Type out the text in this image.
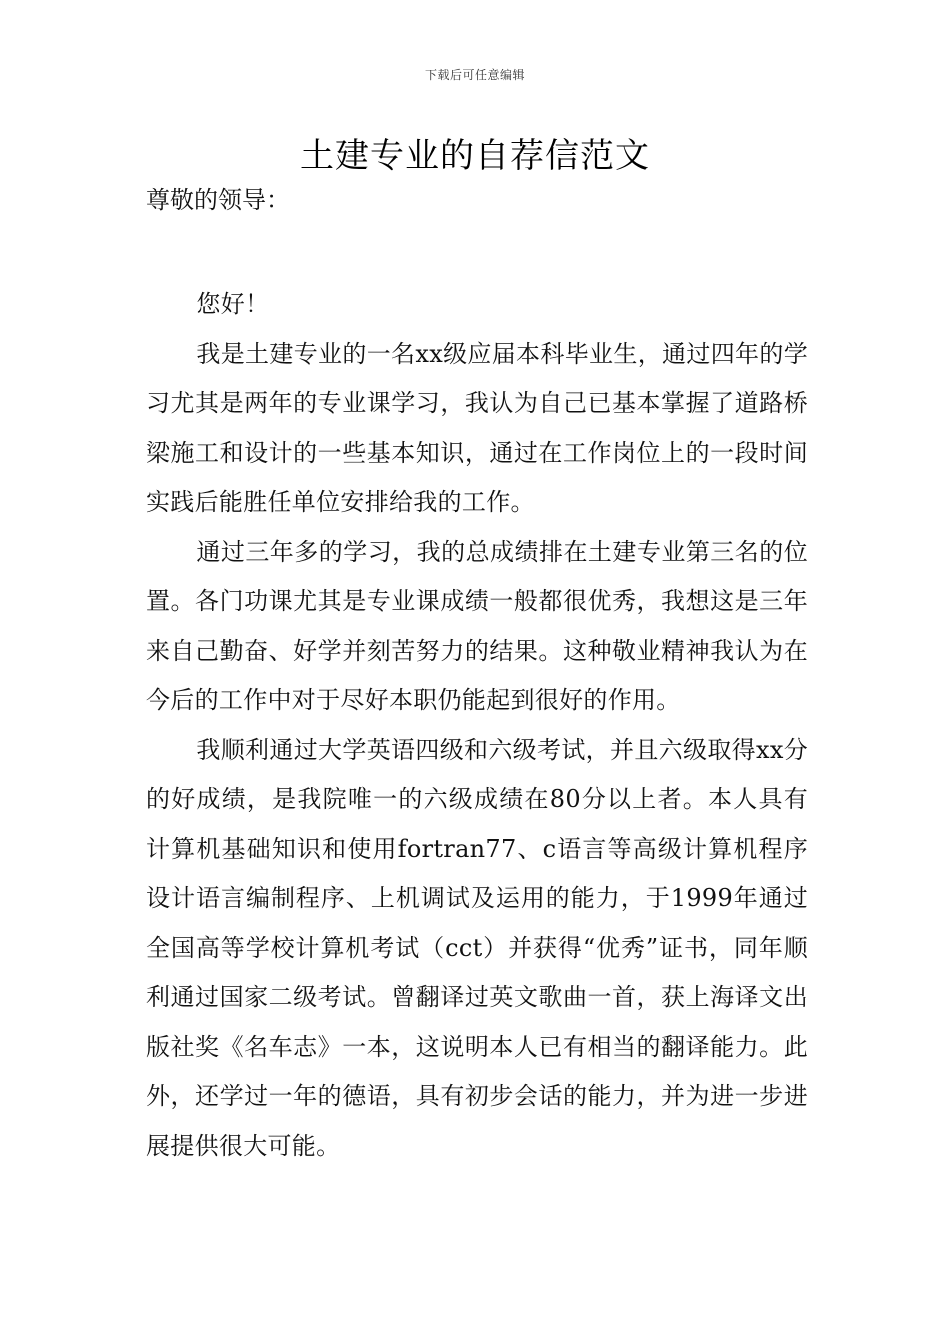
下载后可任意编辑
土建专业的自荐信范文

尊敬的领导：

您好！

我是土建专业的一名xx级应届本科毕业生，通过四年的学习尤其是两年的专业课学习，我认为自己已基本掌握了道路桥梁施工和设计的一些基本知识，通过在工作岗位上的一段时间实践后能胜任单位安排给我的工作。

通过三年多的学习，我的总成绩排在土建专业第三名的位置。各门功课尤其是专业课成绩一般都很优秀，我想这是三年来自己勤奋、好学并刻苦努力的结果。这种敬业精神我认为在今后的工作中对于尽好本职仍能起到很好的作用。

我顺利通过大学英语四级和六级考试，并且六级取得xx分的好成绩，是我院唯一的六级成绩在80分以上者。本人具有计算机基础知识和使用fortran77、c语言等高级计算机程序设计语言编制程序、上机调试及运用的能力，于1999年通过全国高等学校计算机考试（cct）并获得“优秀”证书，同年顺利通过国家二级考试。曾翻译过英文歌曲一首，获上海译文出版社奖《名车志》一本，这说明本人已有相当的翻译能力。此外，还学过一年的德语，具有初步会话的能力，并为进一步进展提供很大可能。
